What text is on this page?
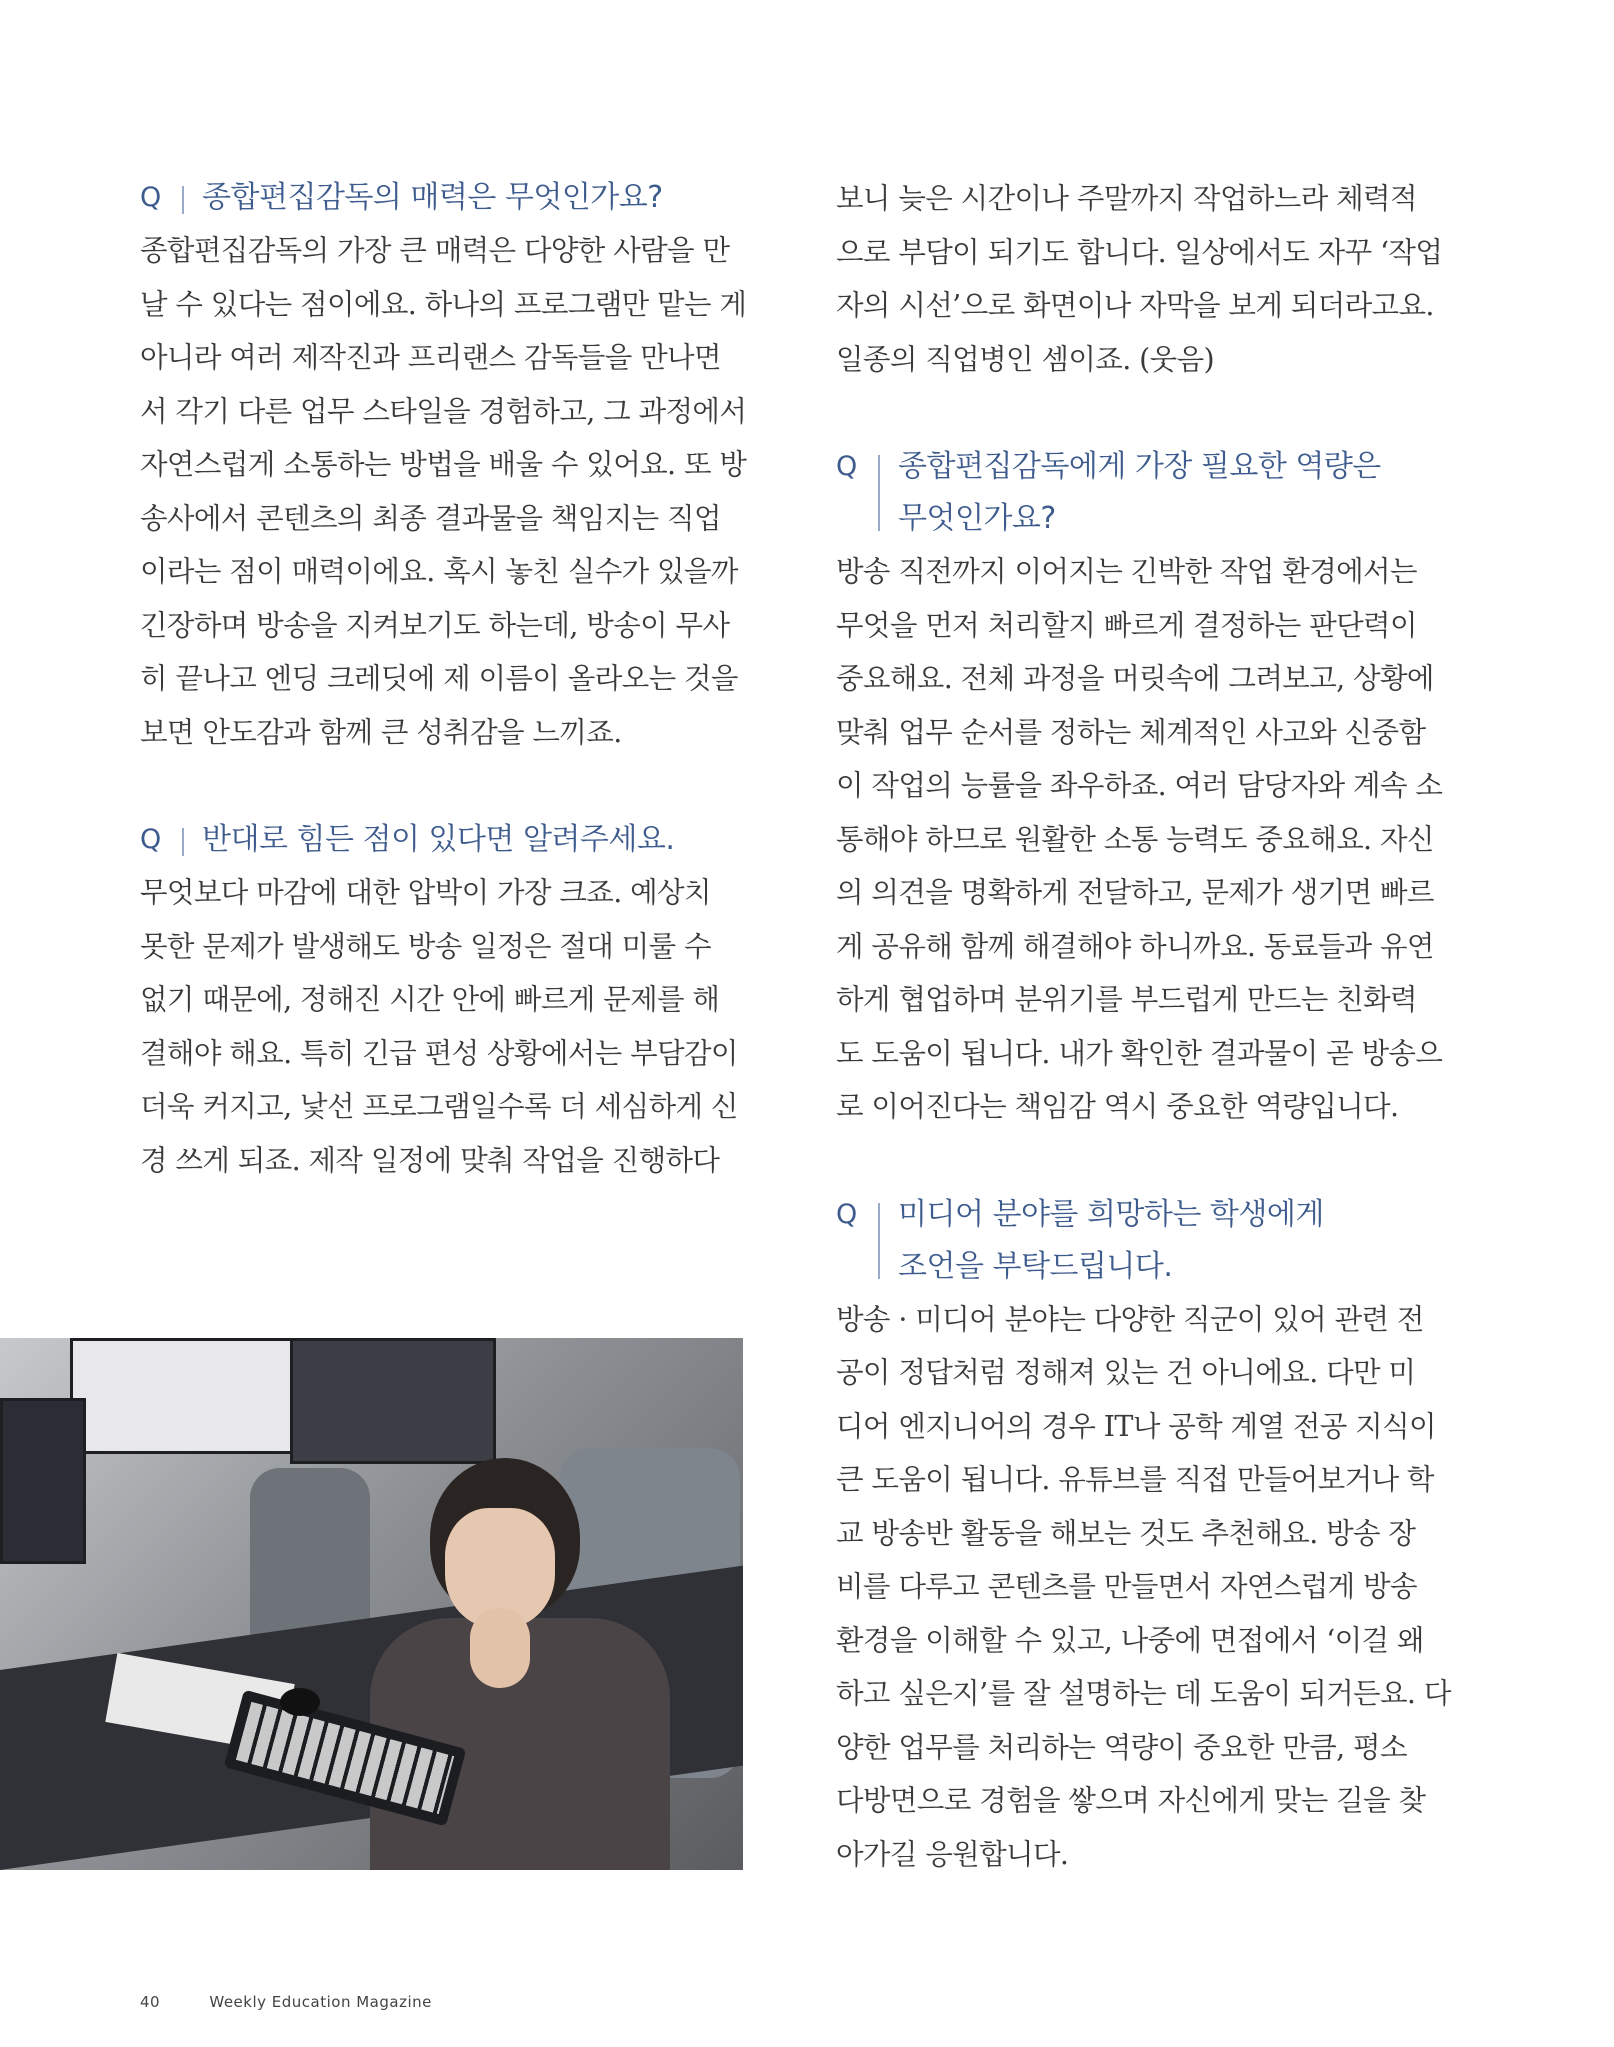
Q	종합편집감독의 매력은 무엇인가요?
종합편집감독의 가장 큰 매력은 다양한 사람을 만
날 수 있다는 점이에요. 하나의 프로그램만 맡는 게
아니라 여러 제작진과 프리랜스 감독들을 만나면
서 각기 다른 업무 스타일을 경험하고, 그 과정에서
자연스럽게 소통하는 방법을 배울 수 있어요. 또 방
송사에서 콘텐츠의 최종 결과물을 책임지는 직업
이라는 점이 매력이에요. 혹시 놓친 실수가 있을까
긴장하며 방송을 지켜보기도 하는데, 방송이 무사
히 끝나고 엔딩 크레딧에 제 이름이 올라오는 것을
보면 안도감과 함께 큰 성취감을 느끼죠.
Q	반대로 힘든 점이 있다면 알려주세요.
무엇보다 마감에 대한 압박이 가장 크죠. 예상치
못한 문제가 발생해도 방송 일정은 절대 미룰 수
없기 때문에, 정해진 시간 안에 빠르게 문제를 해
결해야 해요. 특히 긴급 편성 상황에서는 부담감이
더욱 커지고, 낯선 프로그램일수록 더 세심하게 신
경 쓰게 되죠. 제작 일정에 맞춰 작업을 진행하다
보니 늦은 시간이나 주말까지 작업하느라 체력적
으로 부담이 되기도 합니다. 일상에서도 자꾸 ‘작업
자의 시선’으로 화면이나 자막을 보게 되더라고요.
일종의 직업병인 셈이죠. (웃음)
Q	종합편집감독에게 가장 필요한 역량은
무엇인가요?
방송 직전까지 이어지는 긴박한 작업 환경에서는
무엇을 먼저 처리할지 빠르게 결정하는 판단력이
중요해요. 전체 과정을 머릿속에 그려보고, 상황에
맞춰 업무 순서를 정하는 체계적인 사고와 신중함
이 작업의 능률을 좌우하죠. 여러 담당자와 계속 소
통해야 하므로 원활한 소통 능력도 중요해요. 자신
의 의견을 명확하게 전달하고, 문제가 생기면 빠르
게 공유해 함께 해결해야 하니까요. 동료들과 유연
하게 협업하며 분위기를 부드럽게 만드는 친화력
도 도움이 됩니다. 내가 확인한 결과물이 곧 방송으
로 이어진다는 책임감 역시 중요한 역량입니다.
Q	미디어 분야를 희망하는 학생에게
조언을 부탁드립니다.
방송 · 미디어 분야는 다양한 직군이 있어 관련 전
공이 정답처럼 정해져 있는 건 아니에요. 다만 미
디어 엔지니어의 경우 IT나 공학 계열 전공 지식이
큰 도움이 됩니다. 유튜브를 직접 만들어보거나 학
교 방송반 활동을 해보는 것도 추천해요. 방송 장
비를 다루고 콘텐츠를 만들면서 자연스럽게 방송
환경을 이해할 수 있고, 나중에 면접에서 ‘이걸 왜
하고 싶은지’를 잘 설명하는 데 도움이 되거든요. 다
양한 업무를 처리하는 역량이 중요한 만큼, 평소
다방면으로 경험을 쌓으며 자신에게 맞는 길을 찾
아가길 응원합니다.
40	Weekly Education Magazine
